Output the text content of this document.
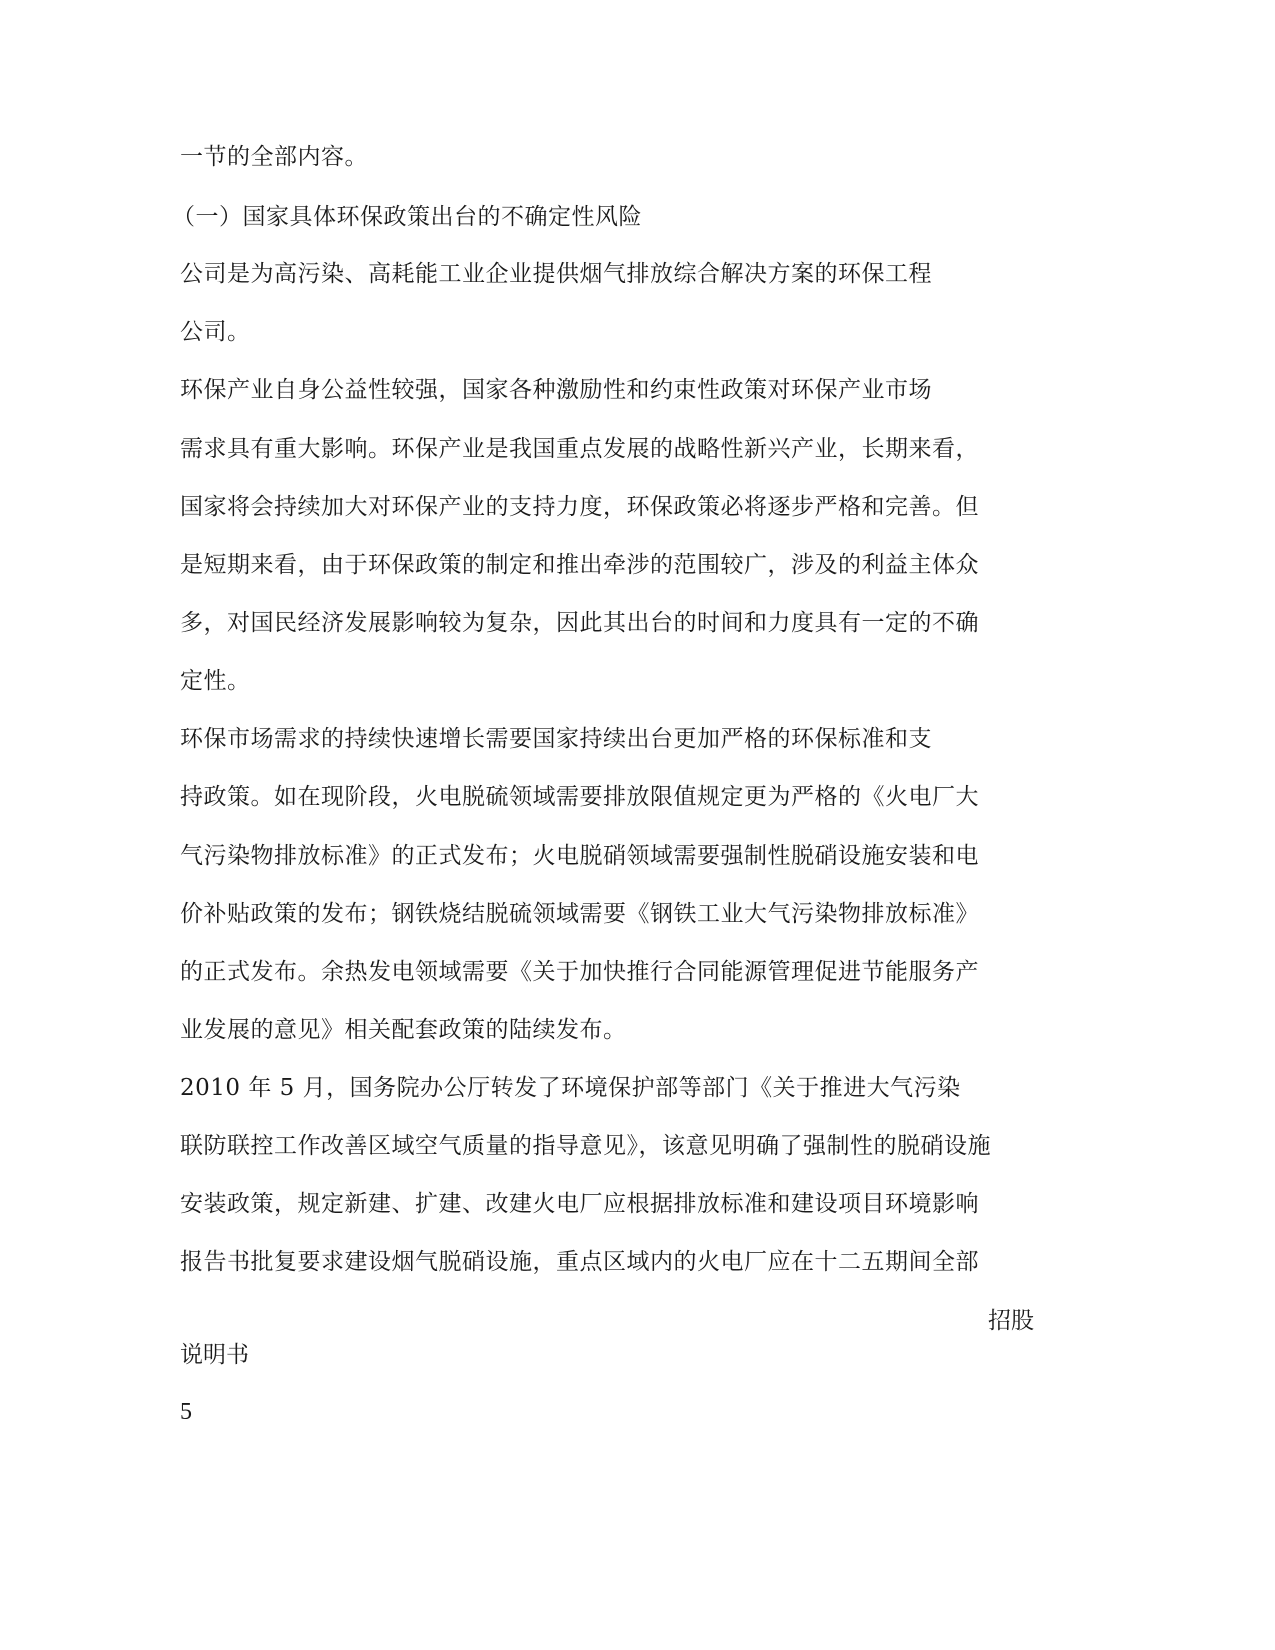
一节的全部内容。
（一）国家具体环保政策出台的不确定性风险
公司是为高污染、高耗能工业企业提供烟气排放综合解决方案的环保工程
公司。
环保产业自身公益性较强，国家各种激励性和约束性政策对环保产业市场
需求具有重大影响。环保产业是我国重点发展的战略性新兴产业，长期来看，
国家将会持续加大对环保产业的支持力度，环保政策必将逐步严格和完善。但
是短期来看，由于环保政策的制定和推出牵涉的范围较广，涉及的利益主体众
多，对国民经济发展影响较为复杂，因此其出台的时间和力度具有一定的不确
定性。
环保市场需求的持续快速增长需要国家持续出台更加严格的环保标准和支
持政策。如在现阶段，火电脱硫领域需要排放限值规定更为严格的《火电厂大
气污染物排放标准》的正式发布；火电脱硝领域需要强制性脱硝设施安装和电
价补贴政策的发布；钢铁烧结脱硫领域需要《钢铁工业大气污染物排放标准》
的正式发布。余热发电领域需要《关于加快推行合同能源管理促进节能服务产
业发展的意见》相关配套政策的陆续发布。
2010 年 5 月，国务院办公厅转发了环境保护部等部门《关于推进大气污染
联防联控工作改善区域空气质量的指导意见》，该意见明确了强制性的脱硝设施
安装政策，规定新建、扩建、改建火电厂应根据排放标准和建设项目环境影响
报告书批复要求建设烟气脱硝设施，重点区域内的火电厂应在十二五期间全部
招股
说明书
5
